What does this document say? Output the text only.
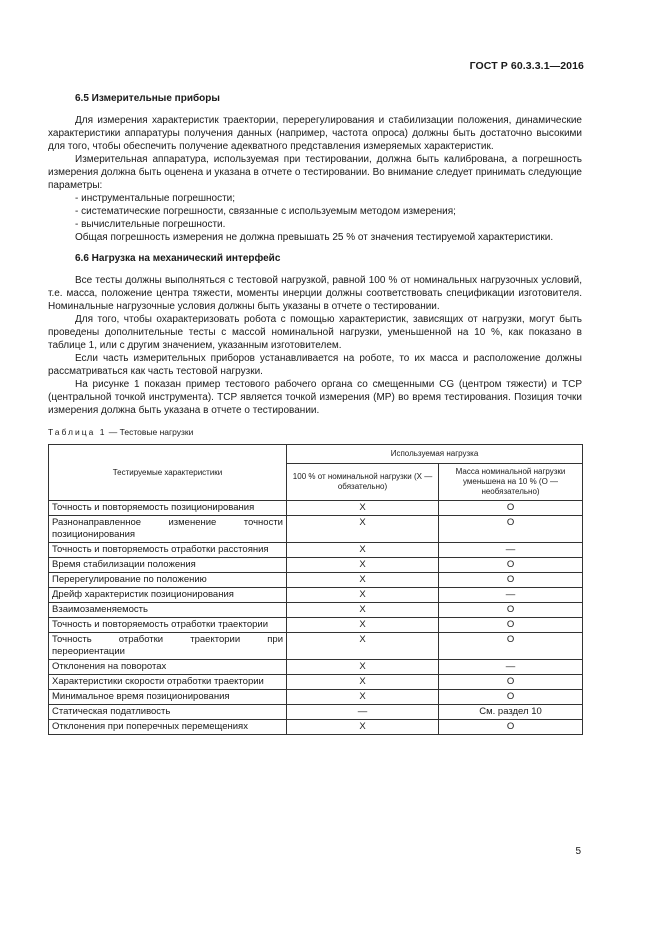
ГОСТ Р 60.3.3.1—2016
6.5 Измерительные приборы

Для измерения характеристик траектории, перерегулирования и стабилизации положения, динамические характеристики аппаратуры получения данных (например, частота опроса) должны быть достаточно высокими для того, чтобы обеспечить получение адекватного представления измеряемых характеристик.

Измерительная аппаратура, используемая при тестировании, должна быть калибрована, а погрешность измерения должна быть оценена и указана в отчете о тестировании. Во внимание следует принимать следующие параметры:

- инструментальные погрешности;
- систематические погрешности, связанные с используемым методом измерения;
- вычислительные погрешности.

Общая погрешность измерения не должна превышать 25 % от значения тестируемой характеристики.

6.6 Нагрузка на механический интерфейс

Все тесты должны выполняться с тестовой нагрузкой, равной 100 % от номинальных нагрузочных условий, т.е. масса, положение центра тяжести, моменты инерции должны соответствовать спецификации изготовителя. Номинальные нагрузочные условия должны быть указаны в отчете о тестировании.

Для того, чтобы охарактеризовать робота с помощью характеристик, зависящих от нагрузки, могут быть проведены дополнительные тесты с массой номинальной нагрузки, уменьшенной на 10 %, как показано в таблице 1, или с другим значением, указанным изготовителем.

Если часть измерительных приборов устанавливается на роботе, то их масса и расположение должны рассматриваться как часть тестовой нагрузки.

На рисунке 1 показан пример тестового рабочего органа со смещенными CG (центром тяжести) и TCP (центральной точкой инструмента). TCP является точкой измерения (MP) во время тестирования. Позиция точки измерения должна быть указана в отчете о тестировании.

Таблица 1 — Тестовые нагрузки
Тестируемые характеристики	Используемая нагрузка	
	100 % от номинальной нагрузки (X — обязательно)	Масса номинальной нагрузки уменьшена на 10 % (O — необязательно)
Точность и повторяемость позиционирования	X	O
Разнонаправленное изменение точности позиционирования	X	O
Точность и повторяемость отработки расстояния	X	—
Время стабилизации положения	X	O
Перерегулирование по положению	X	O
Дрейф характеристик позиционирования	X	—
Взаимозаменяемость	X	O
Точность и повторяемость отработки траектории	X	O
Точность отработки траектории при переориентации	X	O
Отклонения на поворотах	X	—
Характеристики скорости отработки траектории	X	O
Минимальное время позиционирования	X	O
Статическая податливость	—	См. раздел 10
Отклонения при поперечных перемещениях	X	O
5
